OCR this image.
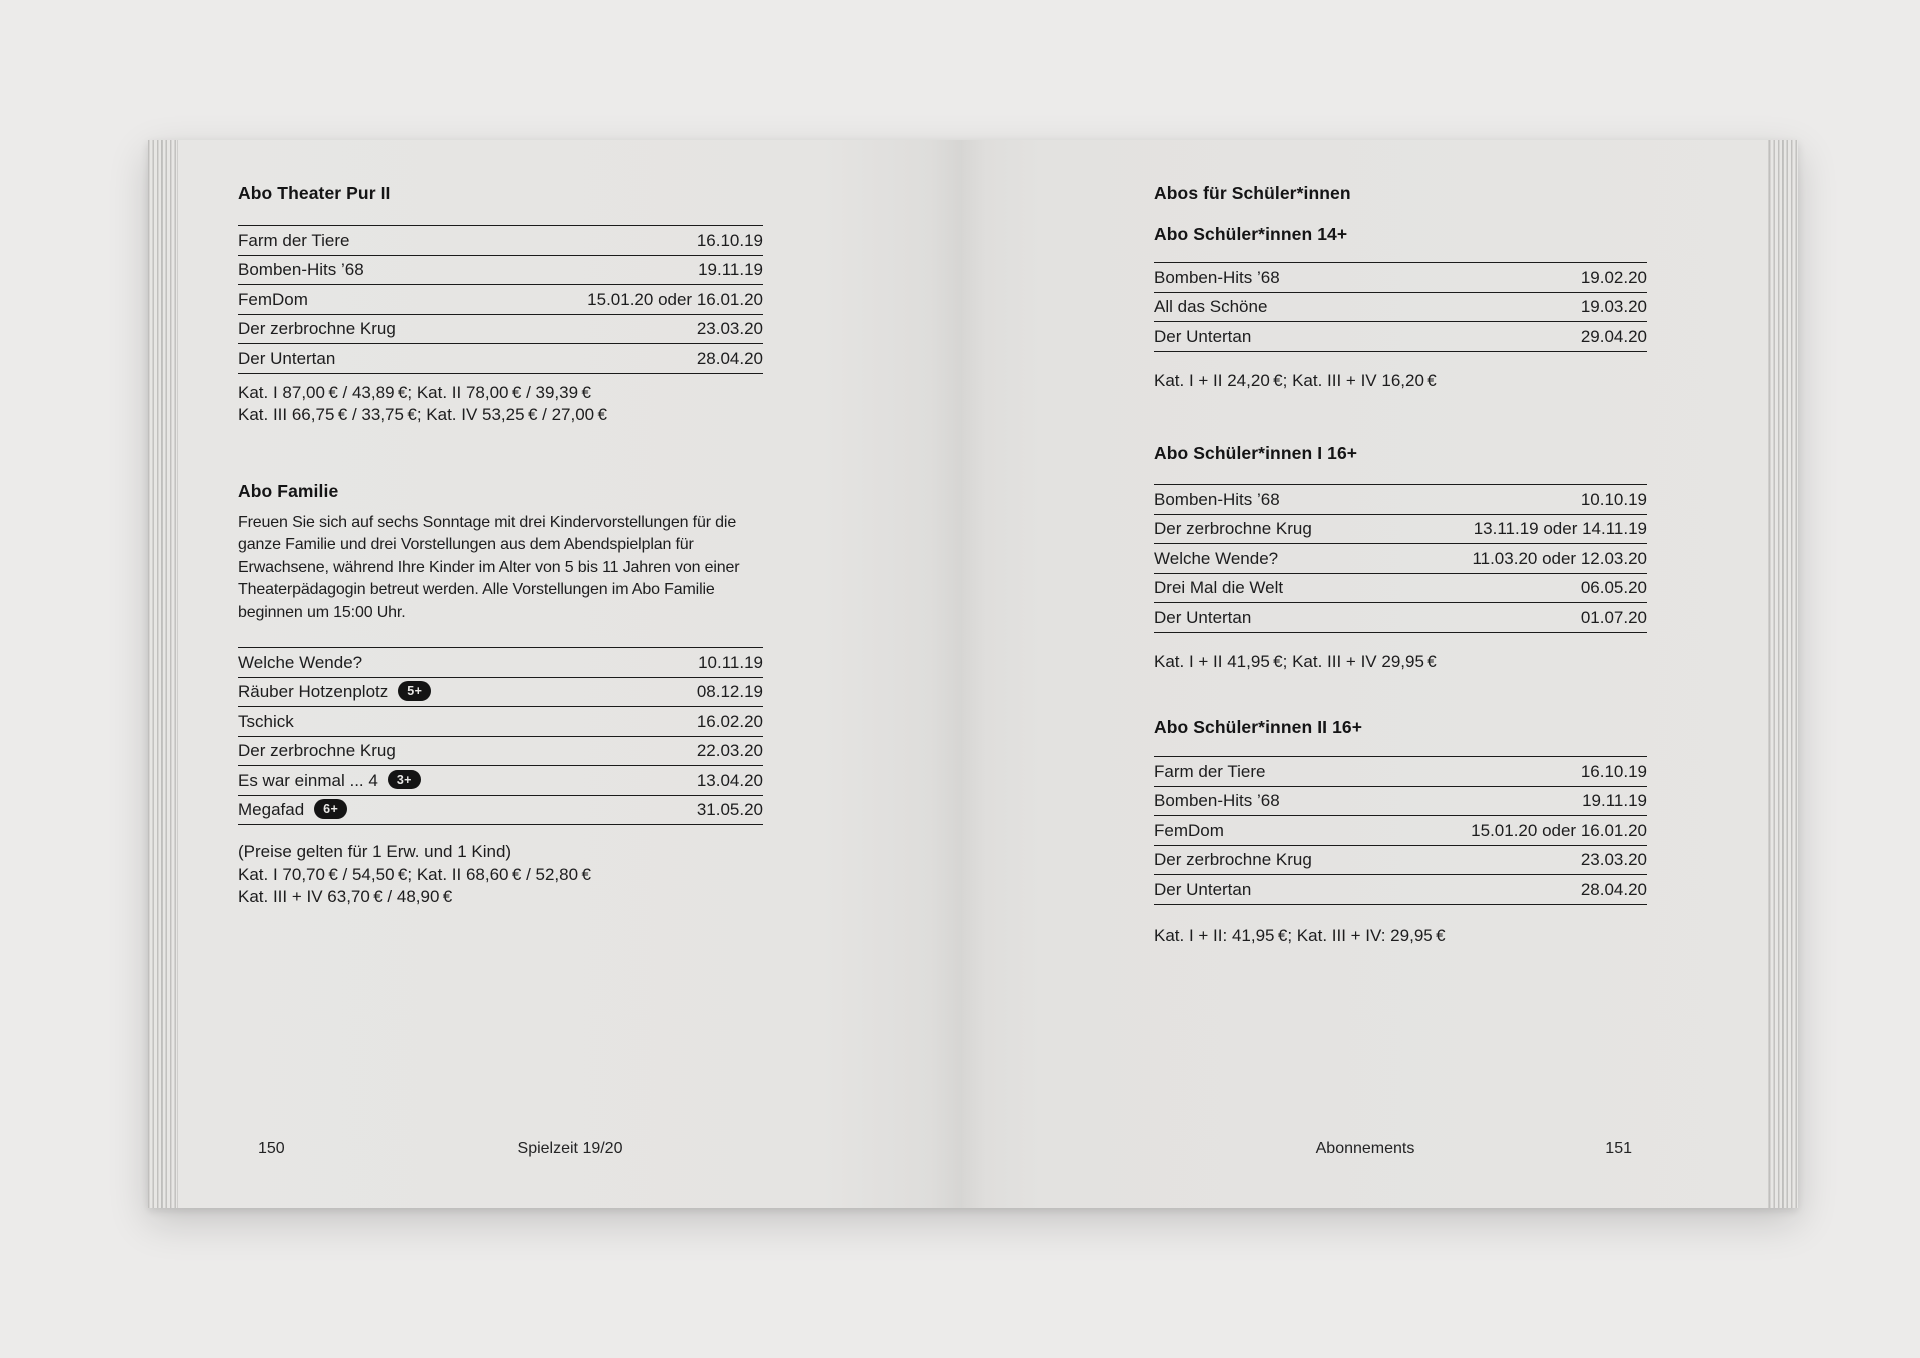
Abo Theater Pur II
Farm der Tiere	16.10.19
Bomben-Hits ’68	19.11.19
FemDom	15.01.20 oder 16.01.20
Der zerbrochne Krug	23.03.20
Der Untertan	28.04.20

Kat. I 87,00 € / 43,89 €; Kat. II 78,00 € / 39,39 €
Kat. III 66,75 € / 33,75 €; Kat. IV 53,25 € / 27,00 €

Abo Familie

Freuen Sie sich auf sechs Sonntage mit drei Kindervorstellungen für die ganze Familie und drei Vorstellungen aus dem Abendspielplan für Erwachsene, während Ihre Kinder im Alter von 5 bis 11 Jahren von einer Theaterpädagogin betreut werden. Alle Vorstellungen im Abo Familie beginnen um 15:00 Uhr.

Welche Wende?	10.11.19
Räuber Hotzenplotz 5+	08.12.19
Tschick	16.02.20
Der zerbrochne Krug	22.03.20
Es war einmal ... 4 3+	13.04.20
Megafad 6+	31.05.20

(Preise gelten für 1 Erw. und 1 Kind)
Kat. I 70,70 € / 54,50 €; Kat. II 68,60 € / 52,80 €
Kat. III + IV 63,70 € / 48,90 €

Spielzeit 19/20
150
Abos für Schüler*innen
Abo Schüler*innen 14+
Bomben-Hits ’68	19.02.20
All das Schöne	19.03.20
Der Untertan	29.04.20

Kat. I + II 24,20 €; Kat. III + IV 16,20 €

Abo Schüler*innen I 16+
Bomben-Hits ’68	10.10.19
Der zerbrochne Krug	13.11.19 oder 14.11.19
Welche Wende?	11.03.20 oder 12.03.20
Drei Mal die Welt	06.05.20
Der Untertan	01.07.20

Kat. I + II 41,95 €; Kat. III + IV 29,95 €

Abo Schüler*innen II 16+
Farm der Tiere	16.10.19
Bomben-Hits ’68	19.11.19
FemDom	15.01.20 oder 16.01.20
Der zerbrochne Krug	23.03.20
Der Untertan	28.04.20

Kat. I + II: 41,95 €; Kat. III + IV: 29,95 €

Abonnements	151
